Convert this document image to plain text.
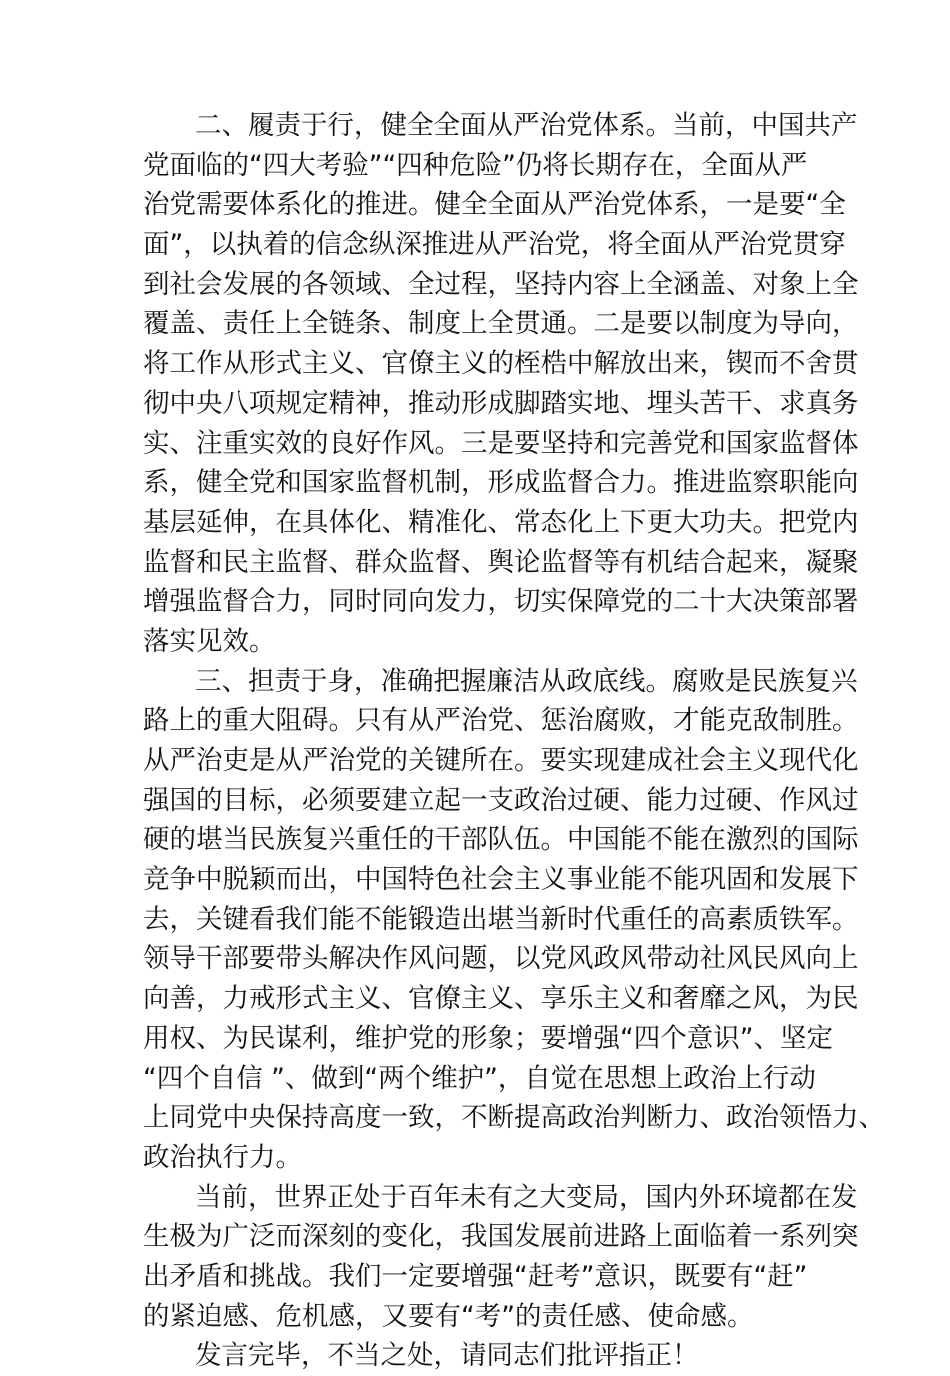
二、履责于行，健全全面从严治党体系。当前，中国共产
党面临的“四大考验”“四种危险”仍将长期存在，全面从严
治党需要体系化的推进。健全全面从严治党体系，一是要“全
面”，以执着的信念纵深推进从严治党，将全面从严治党贯穿
到社会发展的各领域、全过程，坚持内容上全涵盖、对象上全
覆盖、责任上全链条、制度上全贯通。二是要以制度为导向，
将工作从形式主义、官僚主义的桎梏中解放出来，锲而不舍贯
彻中央八项规定精神，推动形成脚踏实地、埋头苦干、求真务
实、注重实效的良好作风。三是要坚持和完善党和国家监督体
系，健全党和国家监督机制，形成监督合力。推进监察职能向
基层延伸，在具体化、精准化、常态化上下更大功夫。把党内
监督和民主监督、群众监督、舆论监督等有机结合起来，凝聚
增强监督合力，同时同向发力，切实保障党的二十大决策部署
落实见效。
三、担责于身，准确把握廉洁从政底线。腐败是民族复兴
路上的重大阻碍。只有从严治党、惩治腐败，才能克敌制胜。
从严治吏是从严治党的关键所在。要实现建成社会主义现代化
强国的目标，必须要建立起一支政治过硬、能力过硬、作风过
硬的堪当民族复兴重任的干部队伍。中国能不能在激烈的国际
竞争中脱颖而出，中国特色社会主义事业能不能巩固和发展下
去，关键看我们能不能锻造出堪当新时代重任的高素质铁军。
领导干部要带头解决作风问题，以党风政风带动社风民风向上
向善，力戒形式主义、官僚主义、享乐主义和奢靡之风，为民
用权、为民谋利，维护党的形象；要增强“四个意识”、坚定
“四个自信 ”、做到“两个维护”，自觉在思想上政治上行动
上同党中央保持高度一致，不断提高政治判断力、政治领悟力、
政治执行力。
当前，世界正处于百年未有之大变局，国内外环境都在发
生极为广泛而深刻的变化，我国发展前进路上面临着一系列突
出矛盾和挑战。我们一定要增强“赶考”意识，既要有“赶”
的紧迫感、危机感，又要有“考”的责任感、使命感。
发言完毕，不当之处，请同志们批评指正！
